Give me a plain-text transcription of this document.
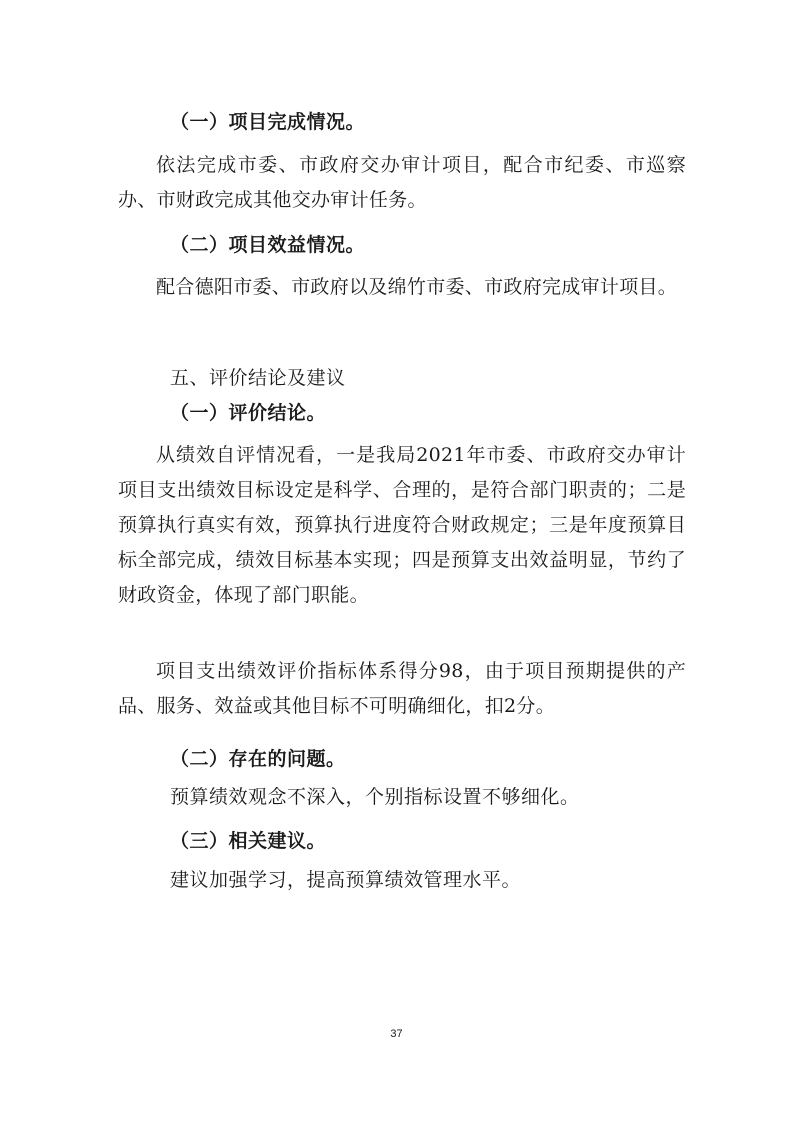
（一）项目完成情况。
依法完成市委、市政府交办审计项目，配合市纪委、市巡察办、市财政完成其他交办审计任务。
（二）项目效益情况。
配合德阳市委、市政府以及绵竹市委、市政府完成审计项目。
五、评价结论及建议
（一）评价结论。
从绩效自评情况看，一是我局2021年市委、市政府交办审计项目支出绩效目标设定是科学、合理的，是符合部门职责的；二是预算执行真实有效，预算执行进度符合财政规定；三是年度预算目标全部完成，绩效目标基本实现；四是预算支出效益明显，节约了财政资金，体现了部门职能。
项目支出绩效评价指标体系得分98，由于项目预期提供的产品、服务、效益或其他目标不可明确细化，扣2分。
（二）存在的问题。
预算绩效观念不深入，个别指标设置不够细化。
（三）相关建议。
建议加强学习，提高预算绩效管理水平。
37
